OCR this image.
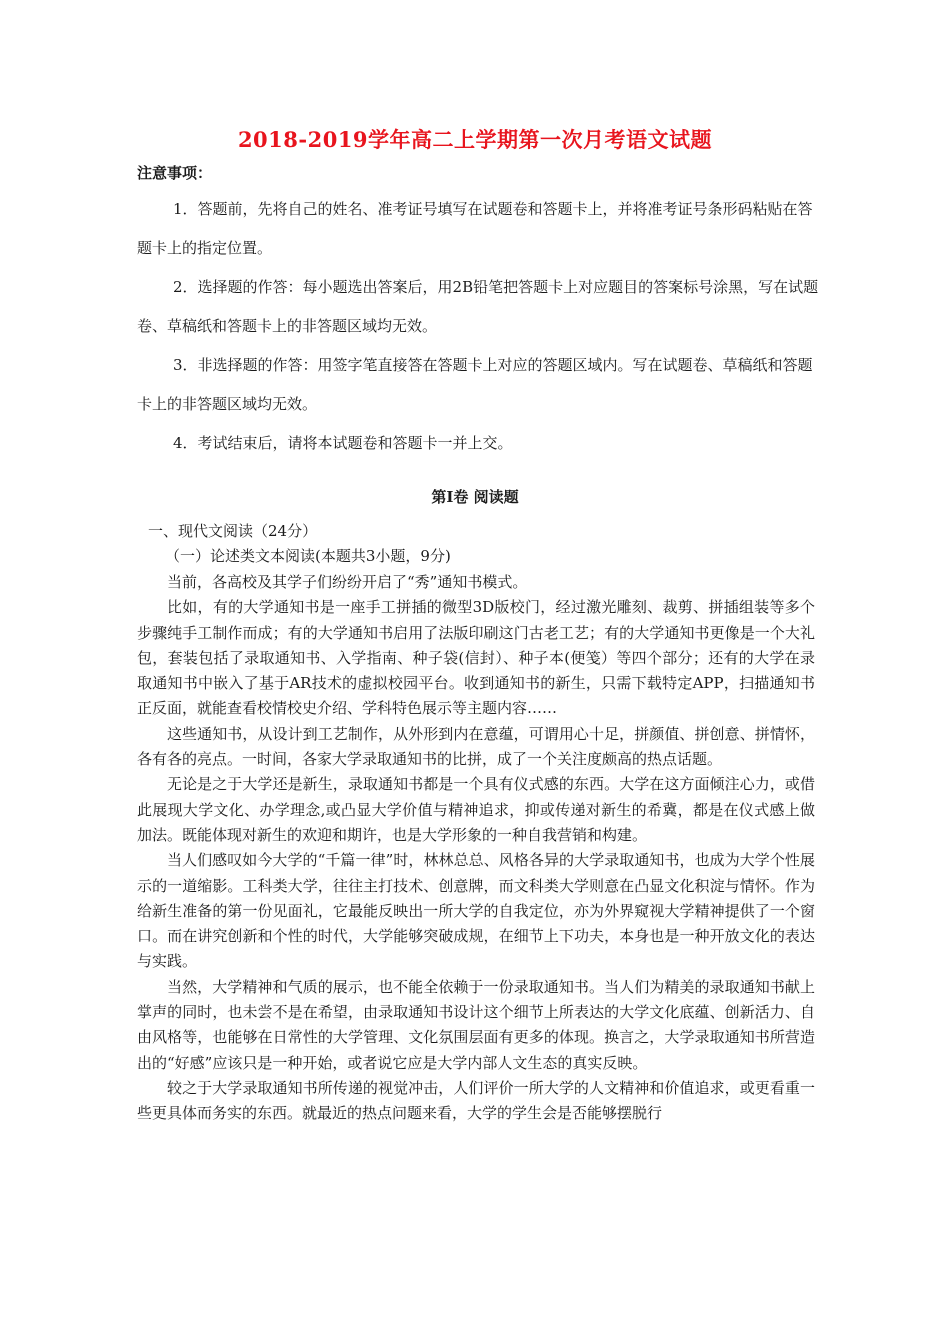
2018-2019学年高二上学期第一次月考语文试题
注意事项：

1．答题前，先将自己的姓名、准考证号填写在试题卷和答题卡上，并将准考证号条形码粘贴在答题卡上的指定位置。

2．选择题的作答：每小题选出答案后，用2B铅笔把答题卡上对应题目的答案标号涂黑，写在试题卷、草稿纸和答题卡上的非答题区域均无效。

3．非选择题的作答：用签字笔直接答在答题卡上对应的答题区域内。写在试题卷、草稿纸和答题卡上的非答题区域均无效。

4．考试结束后，请将本试题卷和答题卡一并上交。

第Ⅰ卷 阅读题
一、现代文阅读（24分）
（一）论述类文本阅读(本题共3小题，9分)

当前，各高校及其学子们纷纷开启了“秀”通知书模式。

比如，有的大学通知书是一座手工拼插的微型3D版校门，经过激光雕刻、裁剪、拼插组装等多个步骤纯手工制作而成；有的大学通知书启用了法版印刷这门古老工艺；有的大学通知书更像是一个大礼包，套装包括了录取通知书、入学指南、种子袋(信封）、种子本(便笺）等四个部分；还有的大学在录取通知书中嵌入了基于AR技术的虚拟校园平台。收到通知书的新生，只需下载特定APP，扫描通知书正反面，就能查看校情校史介绍、学科特色展示等主题内容……

这些通知书，从设计到工艺制作，从外形到内在意蕴，可谓用心十足，拼颜值、拼创意、拼情怀，各有各的亮点。一时间，各家大学录取通知书的比拼，成了一个关注度颇高的热点话题。

无论是之于大学还是新生，录取通知书都是一个具有仪式感的东西。大学在这方面倾注心力，或借此展现大学文化、办学理念,或凸显大学价值与精神追求，抑或传递对新生的希冀，都是在仪式感上做加法。既能体现对新生的欢迎和期许，也是大学形象的一种自我营销和构建。

当人们感叹如今大学的“千篇一律”时，林林总总、风格各异的大学录取通知书，也成为大学个性展示的一道缩影。工科类大学，往往主打技术、创意牌，而文科类大学则意在凸显文化积淀与情怀。作为给新生准备的第一份见面礼，它最能反映出一所大学的自我定位，亦为外界窥视大学精神提供了一个窗口。而在讲究创新和个性的时代，大学能够突破成规，在细节上下功夫，本身也是一种开放文化的表达与实践。

当然，大学精神和气质的展示，也不能全依赖于一份录取通知书。当人们为精美的录取通知书献上掌声的同时，也未尝不是在希望，由录取通知书设计这个细节上所表达的大学文化底蕴、创新活力、自由风格等，也能够在日常性的大学管理、文化氛围层面有更多的体现。换言之，大学录取通知书所营造出的“好感”应该只是一种开始，或者说它应是大学内部人文生态的真实反映。

较之于大学录取通知书所传递的视觉冲击，人们评价一所大学的人文精神和价值追求，或更看重一些更具体而务实的东西。就最近的热点问题来看，大学的学生会是否能够摆脱行
